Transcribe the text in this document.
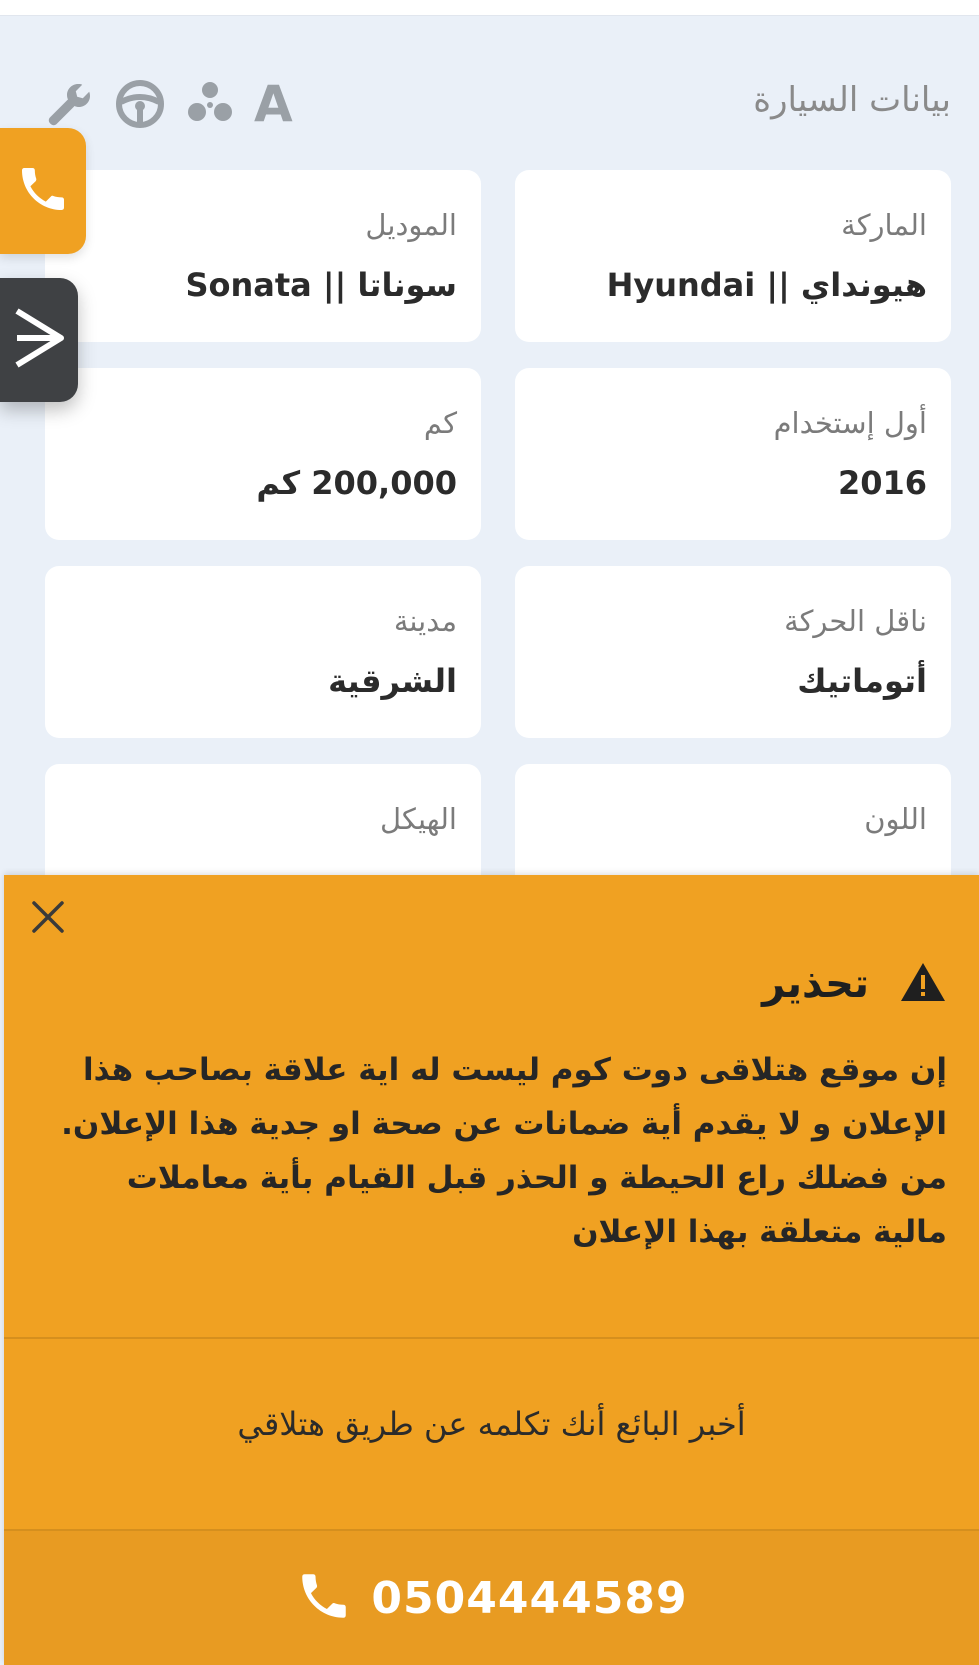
A	بيانات السيارة
الماركة
هيونداي || Hyundai
الموديل
سوناتا || Sonata
أول إستخدام
2016
كم
200,000 كم
ناقل الحركة
أتوماتيك
مدينة
الشرقية
اللون
الهيكل
تحذير

إن موقع هتلاقى دوت كوم ليست له اية علاقة بصاحب هذا الإعلان و لا يقدم أية ضمانات عن صحة او جدية هذا الإعلان. من فضلك راع الحيطة و الحذر قبل القيام بأية معاملات مالية متعلقة بهذا الإعلان

أخبر البائع أنك تكلمه عن طريق هتلاقي
0504444589
